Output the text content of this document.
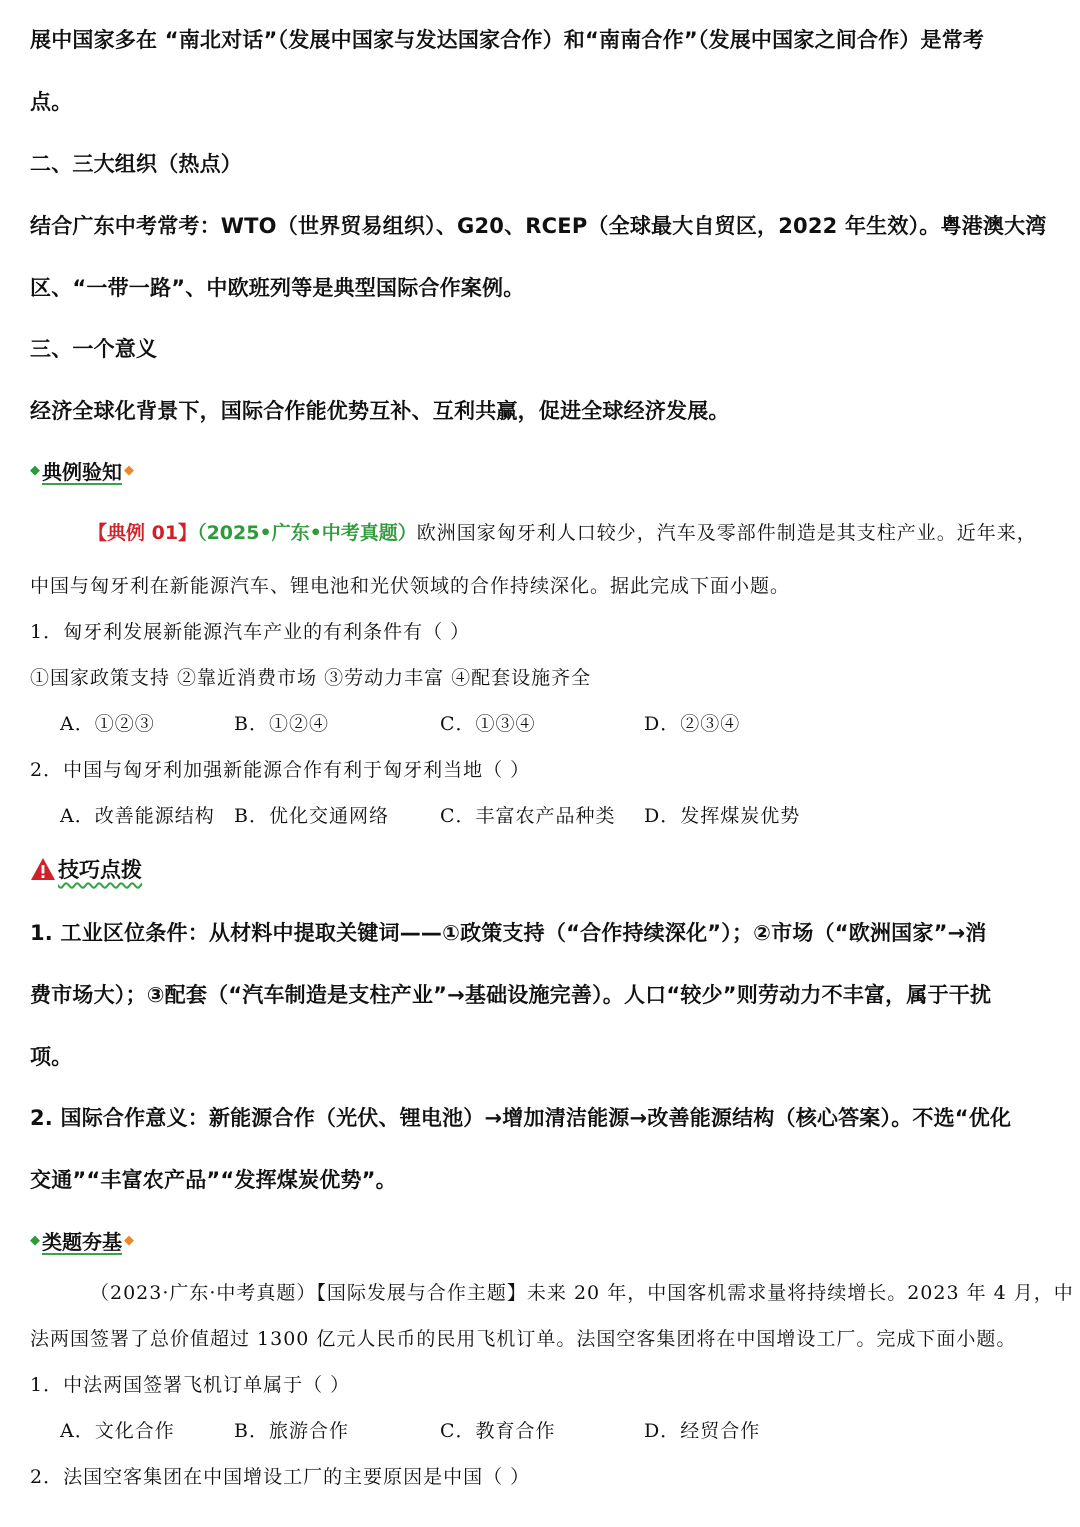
展中国家多在 “南北对话”（发展中国家与发达国家合作）和“南南合作”（发展中国家之间合作）是常考
点。
二、三大组织（热点）
结合广东中考常考：WTO（世界贸易组织）、G20、RCEP（全球最大自贸区，2022 年生效）。粤港澳大湾
区、“一带一路”、中欧班列等是典型国际合作案例。
三、一个意义
经济全球化背景下，国际合作能优势互补、互利共赢，促进全球经济发展。
◆ 典例验知 ◆
【典例 01】（2025•广东•中考真题）欧洲国家匈牙利人口较少，汽车及零部件制造是其支柱产业。近年来，
中国与匈牙利在新能源汽车、锂电池和光伏领域的合作持续深化。据此完成下面小题。
1．匈牙利发展新能源汽车产业的有利条件有（ ）
①国家政策支持 ②靠近消费市场 ③劳动力丰富 ④配套设施齐全
A．①②③	B．①②④	C．①③④	D．②③④
2．中国与匈牙利加强新能源合作有利于匈牙利当地（ ）
A．改善能源结构 B．优化交通网络	C．丰富农产品种类 D．发挥煤炭优势
技巧点拨
1. 工业区位条件：从材料中提取关键词——①政策支持（“合作持续深化”）；②市场（“欧洲国家”→消
费市场大）；③配套（“汽车制造是支柱产业”→基础设施完善）。人口“较少”则劳动力不丰富，属于干扰
项。
2. 国际合作意义：新能源合作（光伏、锂电池）→增加清洁能源→改善能源结构（核心答案）。不选“优化
交通”“丰富农产品”“发挥煤炭优势”。
◆ 类题夯基 ◆
（2023·广东·中考真题）【国际发展与合作主题】未来 20 年，中国客机需求量将持续增长。2023 年 4 月，中
法两国签署了总价值超过 1300 亿元人民币的民用飞机订单。法国空客集团将在中国增设工厂。完成下面小题。
1．中法两国签署飞机订单属于（ ）
A．文化合作	B．旅游合作	C．教育合作	D．经贸合作
2．法国空客集团在中国增设工厂的主要原因是中国（ ）
